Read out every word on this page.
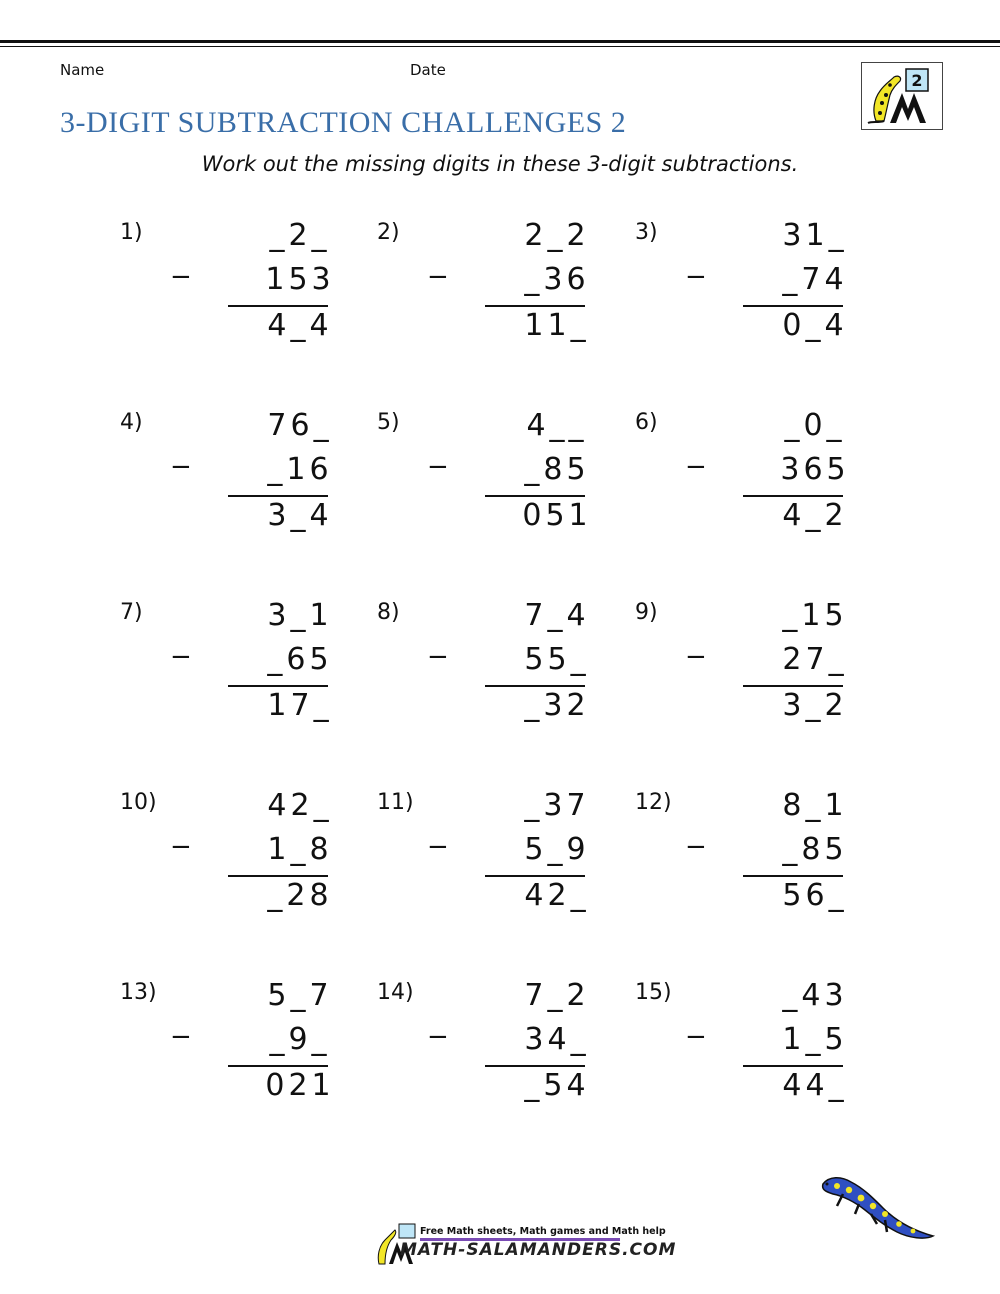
Name	Date
2
3-DIGIT SUBTRACTION CHALLENGES 2
Work out the missing digits in these 3-digit subtractions.
1)
−
_2_
153
4_4
2)
−
2_2
_36
11_
3)
−
31_
_74
0_4
4)
−
76_
_16
3_4
5)
−
4__
_85
051
6)
−
_0_
365
4_2
7)
−
3_1
_65
17_
8)
−
7_4
55_
_32
9)
−
_15
27_
3_2
10)
−
42_
1_8
_28
11)
−
_37
5_9
42_
12)
−
8_1
_85
56_
13)
−
5_7
_9_
021
14)
−
7_2
34_
_54
15)
−
_43
1_5
44_
Free Math sheets, Math games and Math help
MATH-SALAMANDERS.COM
